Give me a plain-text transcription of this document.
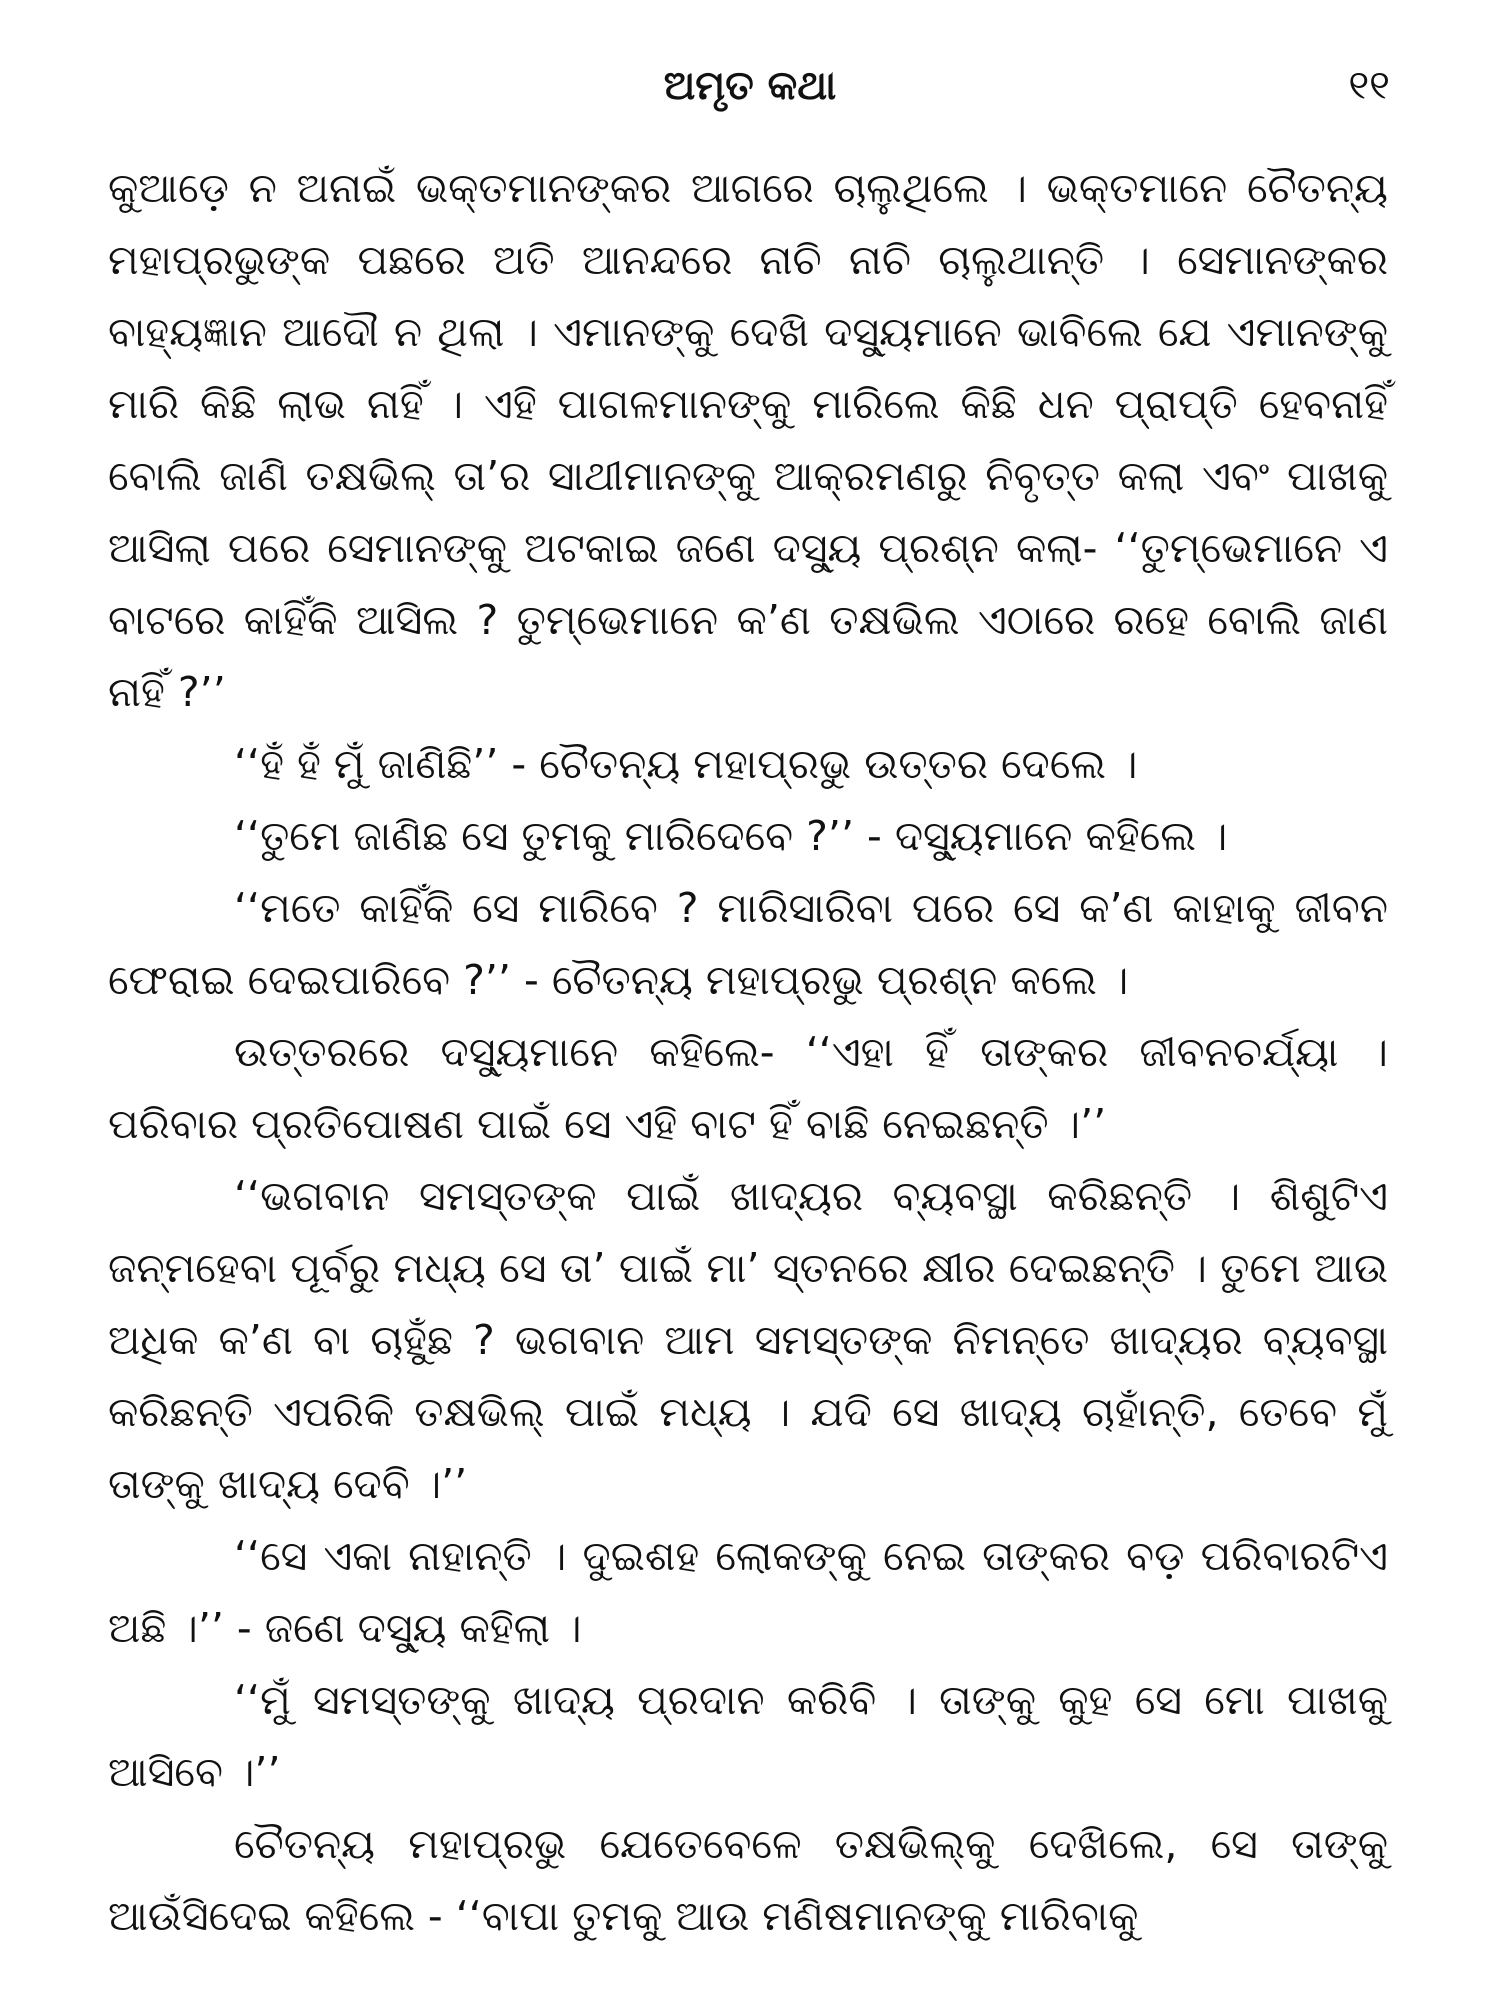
ଅମୃତ କଥା	୧୧

କୁଆଡ଼େ ନ ଅନାଇଁ ଭକ୍ତମାନଙ୍କର ଆଗରେ ଚାଲୁଥିଲେ । ଭକ୍ତମାନେ ଚୈତନ୍ୟ ମହାପ୍ରଭୁଙ୍କ ପଛରେ ଅତି ଆନନ୍ଦରେ ନାଚି ନାଚି ଚାଲୁଥାନ୍ତି । ସେମାନଙ୍କର ବାହ୍ୟଜ୍ଞାନ ଆଦୌ ନ ଥିଲା । ଏମାନଙ୍କୁ ଦେଖି ଦସ୍ୟୁମାନେ ଭାବିଲେ ଯେ ଏମାନଙ୍କୁ ମାରି କିଛି ଲାଭ ନାହିଁ । ଏହି ପାଗଳମାନଙ୍କୁ ମାରିଲେ କିଛି ଧନ ପ୍ରାପ୍ତି ହେବନାହିଁ ବୋଲି ଜାଣି ତକ୍ଷଭିଲ୍ ତା’ର ସାଥୀମାନଙ୍କୁ ଆକ୍ରମଣରୁ ନିବୃତ୍ତ କଲା ଏବଂ ପାଖକୁ ଆସିଲା ପରେ ସେମାନଙ୍କୁ ଅଟକାଇ ଜଣେ ଦସ୍ୟୁ ପ୍ରଶ୍ନ କଲା- ‘‘ତୁମ୍ଭେମାନେ ଏ ବାଟରେ କାହିଁକି ଆସିଲ ? ତୁମ୍ଭେମାନେ କ’ଣ ତକ୍ଷଭିଲ ଏଠାରେ ରହେ ବୋଲି ଜାଣ ନାହିଁ ?’’

‘‘ହଁ ହଁ ମୁଁ ଜାଣିଛି’’ - ଚୈତନ୍ୟ ମହାପ୍ରଭୁ ଉତ୍ତର ଦେଲେ ।

‘‘ତୁମେ ଜାଣିଛ ସେ ତୁମକୁ ମାରିଦେବେ ?’’ - ଦସ୍ୟୁମାନେ କହିଲେ ।

‘‘ମତେ କାହିଁକି ସେ ମାରିବେ ? ମାରିସାରିବା ପରେ ସେ କ’ଣ କାହାକୁ ଜୀବନ ଫେରାଇ ଦେଇପାରିବେ ?’’ - ଚୈତନ୍ୟ ମହାପ୍ରଭୁ ପ୍ରଶ୍ନ କଲେ ।

ଉତ୍ତରରେ ଦସ୍ୟୁମାନେ କହିଲେ- ‘‘ଏହା ହିଁ ତାଙ୍କର ଜୀବନଚର୍ଯ୍ୟା । ପରିବାର ପ୍ରତିପୋଷଣ ପାଇଁ ସେ ଏହି ବାଟ ହିଁ ବାଛି ନେଇଛନ୍ତି ।’’

‘‘ଭଗବାନ ସମସ୍ତଙ୍କ ପାଇଁ ଖାଦ୍ୟର ବ୍ୟବସ୍ଥା କରିଛନ୍ତି । ଶିଶୁଟିଏ ଜନ୍ମହେବା ପୂର୍ବରୁ ମଧ୍ୟ ସେ ତା’ ପାଇଁ ମା’ ସ୍ତନରେ କ୍ଷୀର ଦେଇଛନ୍ତି । ତୁମେ ଆଉ ଅଧିକ କ’ଣ ବା ଚାହୁଁଛ ? ଭଗବାନ ଆମ ସମସ୍ତଙ୍କ ନିମନ୍ତେ ଖାଦ୍ୟର ବ୍ୟବସ୍ଥା କରିଛନ୍ତି ଏପରିକି ତକ୍ଷଭିଲ୍ ପାଇଁ ମଧ୍ୟ । ଯଦି ସେ ଖାଦ୍ୟ ଚାହାଁନ୍ତି, ତେବେ ମୁଁ ତାଙ୍କୁ ଖାଦ୍ୟ ଦେବି ।’’

‘‘ସେ ଏକା ନାହାନ୍ତି । ଦୁଇଶହ ଲୋକଙ୍କୁ ନେଇ ତାଙ୍କର ବଡ଼ ପରିବାରଟିଏ ଅଛି ।’’ - ଜଣେ ଦସ୍ୟୁ କହିଲା ।

‘‘ମୁଁ ସମସ୍ତଙ୍କୁ ଖାଦ୍ୟ ପ୍ରଦାନ କରିବି । ତାଙ୍କୁ କୁହ ସେ ମୋ ପାଖକୁ ଆସିବେ ।’’

ଚୈତନ୍ୟ ମହାପ୍ରଭୁ ଯେତେବେଳେ ତକ୍ଷଭିଲ୍‌କୁ ଦେଖିଲେ, ସେ ତାଙ୍କୁ ଆଉଁସିଦେଇ କହିଲେ - ‘‘ବାପା ତୁମକୁ ଆଉ ମଣିଷମାନଙ୍କୁ ମାରିବାକୁ
